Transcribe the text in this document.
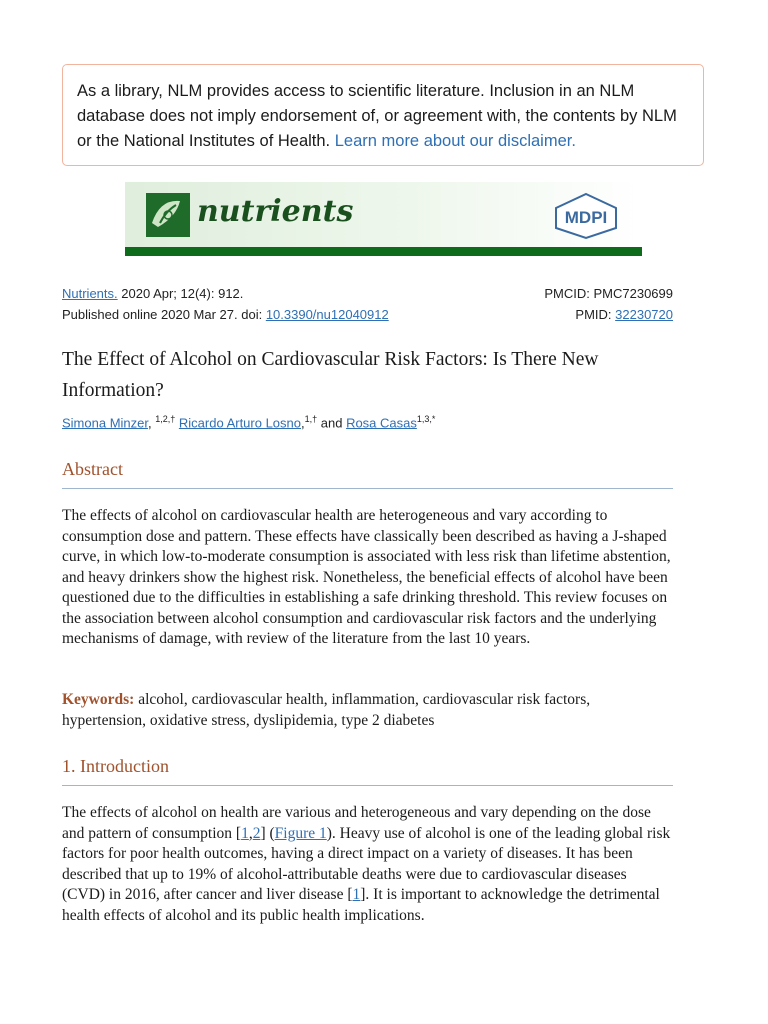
As a library, NLM provides access to scientific literature. Inclusion in an NLM database does not imply endorsement of, or agreement with, the contents by NLM or the National Institutes of Health. Learn more about our disclaimer.
nutrients	MDPI
Nutrients. 2020 Apr; 12(4): 912.	PMCID: PMC7230699
Published online 2020 Mar 27. doi: 10.3390/nu12040912	PMID: 32230720
The Effect of Alcohol on Cardiovascular Risk Factors: Is There New Information?
Simona Minzer, $^{1,2,\dagger}$ Ricardo Arturo Losno,$^{1,\dagger}$ and Rosa Casas$^{1,3,*}$
Abstract

The effects of alcohol on cardiovascular health are heterogeneous and vary according to consumption dose and pattern. These effects have classically been described as having a J-shaped curve, in which low-to-moderate consumption is associated with less risk than lifetime abstention, and heavy drinkers show the highest risk. Nonetheless, the beneficial effects of alcohol have been questioned due to the difficulties in establishing a safe drinking threshold. This review focuses on the association between alcohol consumption and cardiovascular risk factors and the underlying mechanisms of damage, with review of the literature from the last 10 years.

Keywords: alcohol, cardiovascular health, inflammation, cardiovascular risk factors, hypertension, oxidative stress, dyslipidemia, type 2 diabetes

1. Introduction

The effects of alcohol on health are various and heterogeneous and vary depending on the dose and pattern of consumption [1,2] (Figure 1). Heavy use of alcohol is one of the leading global risk factors for poor health outcomes, having a direct impact on a variety of diseases. It has been described that up to 19% of alcohol-attributable deaths were due to cardiovascular diseases (CVD) in 2016, after cancer and liver disease [1]. It is important to acknowledge the detrimental health effects of alcohol and its public health implications.
